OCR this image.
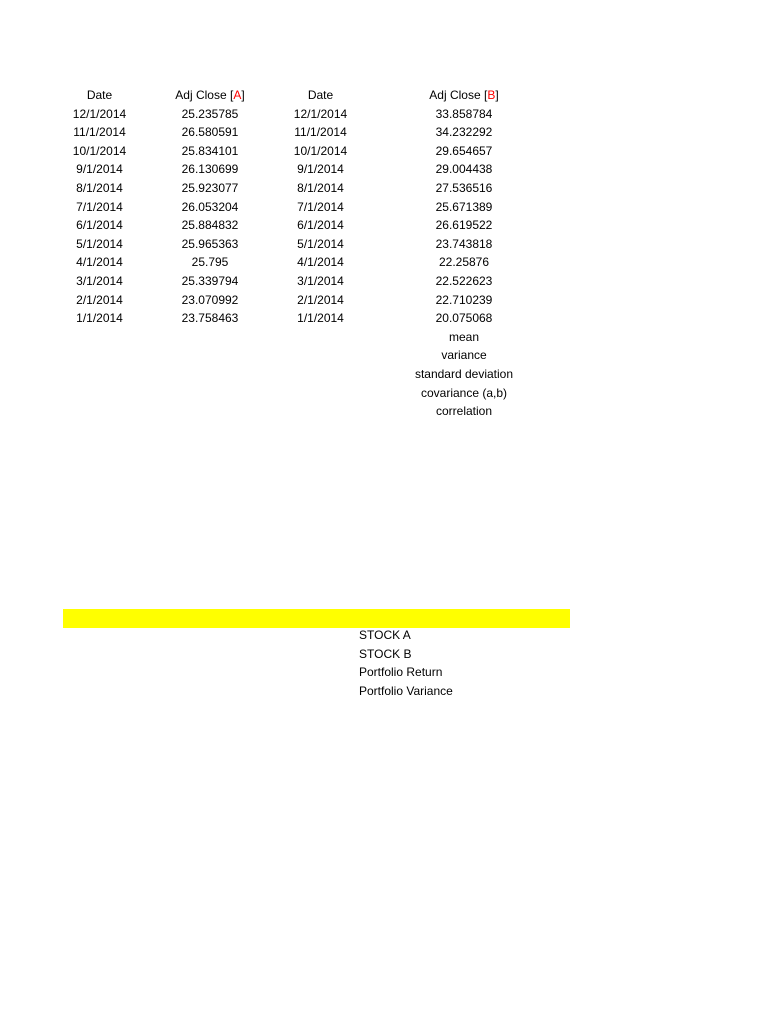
Date	Adj Close [A]	Date	Adj Close [B]
12/1/2014	25.235785	12/1/2014	33.858784
11/1/2014	26.580591	11/1/2014	34.232292
10/1/2014	25.834101	10/1/2014	29.654657
9/1/2014	26.130699	9/1/2014	29.004438
8/1/2014	25.923077	8/1/2014	27.536516
7/1/2014	26.053204	7/1/2014	25.671389
6/1/2014	25.884832	6/1/2014	26.619522
5/1/2014	25.965363	5/1/2014	23.743818
4/1/2014	25.795	4/1/2014	22.25876
3/1/2014	25.339794	3/1/2014	22.522623
2/1/2014	23.070992	2/1/2014	22.710239
1/1/2014	23.758463	1/1/2014	20.075068
			mean
			variance
			standard deviation
			covariance (a,b)
			correlation
STOCK A
STOCK B
Portfolio Return
Portfolio Variance
